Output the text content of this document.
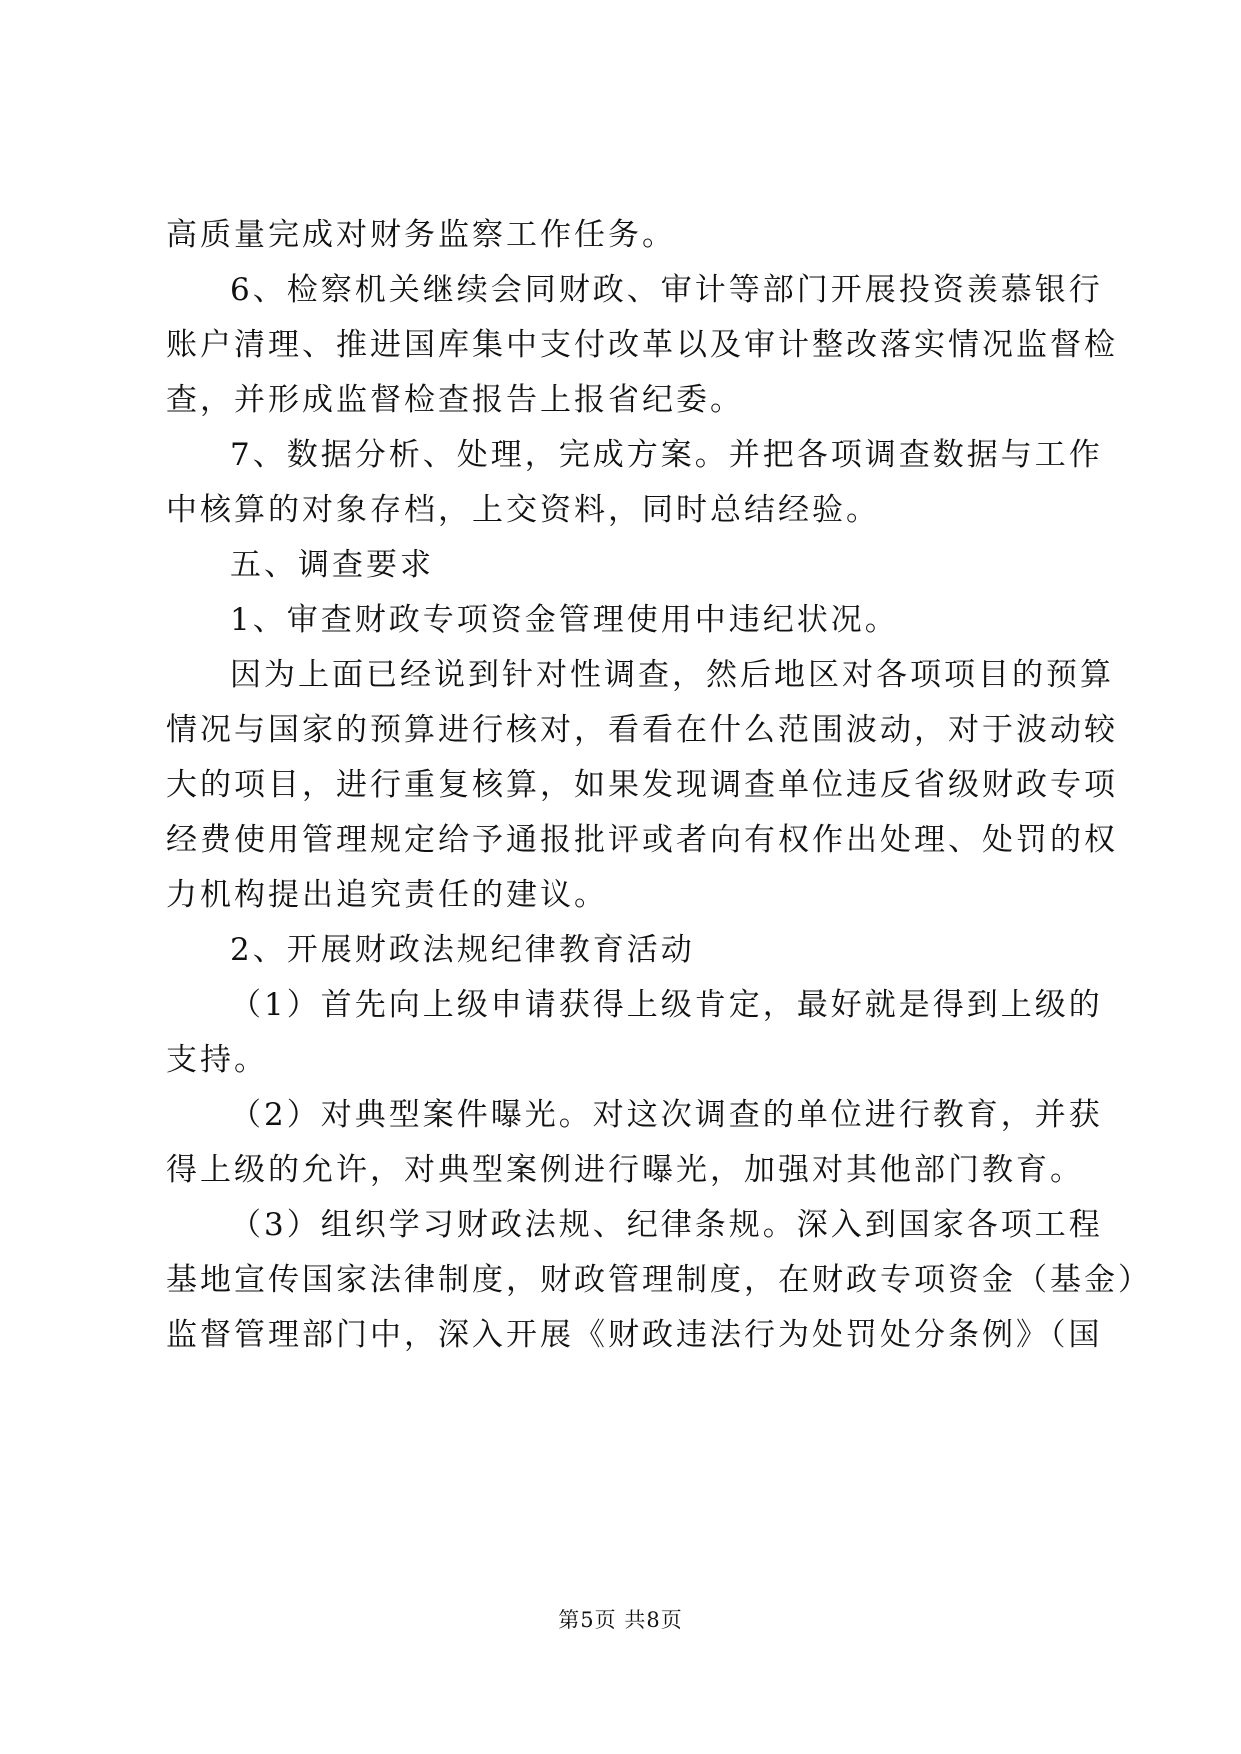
高质量完成对财务监察工作任务。
6、检察机关继续会同财政、审计等部门开展投资羡慕银行
账户清理、推进国库集中支付改革以及审计整改落实情况监督检
查，并形成监督检查报告上报省纪委。
7、数据分析、处理，完成方案。并把各项调查数据与工作
中核算的对象存档，上交资料，同时总结经验。
五、调查要求
1、审查财政专项资金管理使用中违纪状况。
因为上面已经说到针对性调查，然后地区对各项项目的预算
情况与国家的预算进行核对，看看在什么范围波动，对于波动较
大的项目，进行重复核算，如果发现调查单位违反省级财政专项
经费使用管理规定给予通报批评或者向有权作出处理、处罚的权
力机构提出追究责任的建议。
2、开展财政法规纪律教育活动
（1）首先向上级申请获得上级肯定，最好就是得到上级的
支持。
（2）对典型案件曝光。对这次调查的单位进行教育，并获
得上级的允许，对典型案例进行曝光，加强对其他部门教育。
（3）组织学习财政法规、纪律条规。深入到国家各项工程
基地宣传国家法律制度，财政管理制度，在财政专项资金（基金）
监督管理部门中，深入开展《财政违法行为处罚处分条例》（国
第5页 共8页
